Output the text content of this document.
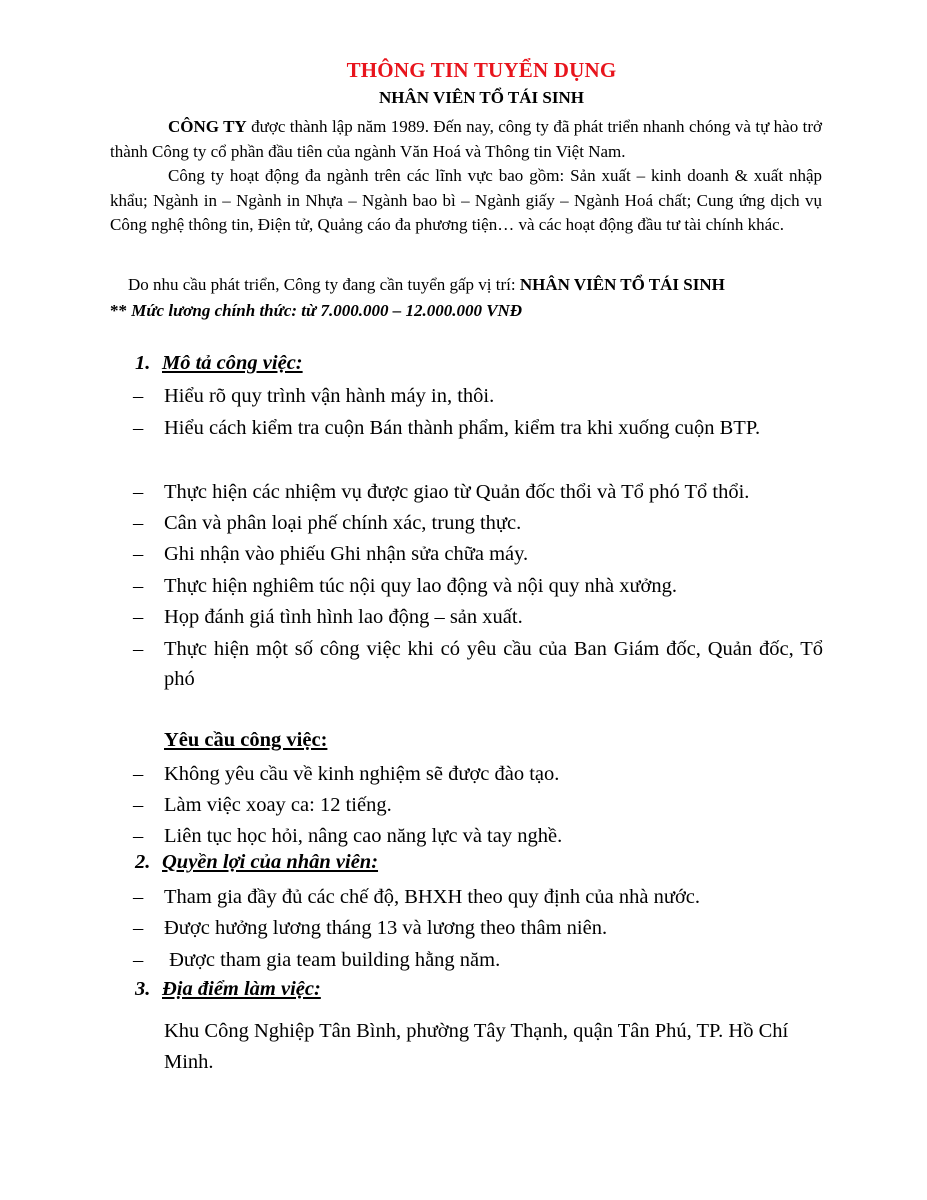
THÔNG TIN TUYỂN DỤNG
NHÂN VIÊN TỔ TÁI SINH
CÔNG TY được thành lập năm 1989. Đến nay, công ty đã phát triển nhanh chóng và tự hào trở thành Công ty cổ phần đầu tiên của ngành Văn Hoá và Thông tin Việt Nam.
Công ty hoạt động đa ngành trên các lĩnh vực bao gồm: Sản xuất – kinh doanh & xuất nhập khẩu; Ngành in – Ngành in Nhựa – Ngành bao bì – Ngành giấy – Ngành Hoá chất; Cung ứng dịch vụ Công nghệ thông tin, Điện tử, Quảng cáo đa phương tiện… và các hoạt động đầu tư tài chính khác.
Do nhu cầu phát triển, Công ty đang cần tuyển gấp vị trí: NHÂN VIÊN TỔ TÁI SINH
** Mức lương chính thức: từ 7.000.000 – 12.000.000 VNĐ
1. Mô tả công việc:
– Hiểu rõ quy trình vận hành máy in, thôi.
– Hiểu cách kiểm tra cuộn Bán thành phẩm, kiểm tra khi xuống cuộn BTP.
– Thực hiện các nhiệm vụ được giao từ Quản đốc thổi và Tổ phó Tổ thổi.
– Cân và phân loại phế chính xác, trung thực.
– Ghi nhận vào phiếu Ghi nhận sửa chữa máy.
– Thực hiện nghiêm túc nội quy lao động và nội quy nhà xưởng.
– Họp đánh giá tình hình lao động – sản xuất.
– Thực hiện một số công việc khi có yêu cầu của Ban Giám đốc, Quản đốc, Tổ phó
Yêu cầu công việc:
– Không yêu cầu về kinh nghiệm sẽ được đào tạo.
– Làm việc xoay ca: 12 tiếng.
– Liên tục học hỏi, nâng cao năng lực và tay nghề.
2. Quyền lợi của nhân viên:
– Tham gia đầy đủ các chế độ, BHXH theo quy định của nhà nước.
– Được hưởng lương tháng 13 và lương theo thâm niên.
– Được tham gia team building hằng năm.
3. Địa điểm làm việc:
Khu Công Nghiệp Tân Bình, phường Tây Thạnh, quận Tân Phú, TP. Hồ Chí Minh.
